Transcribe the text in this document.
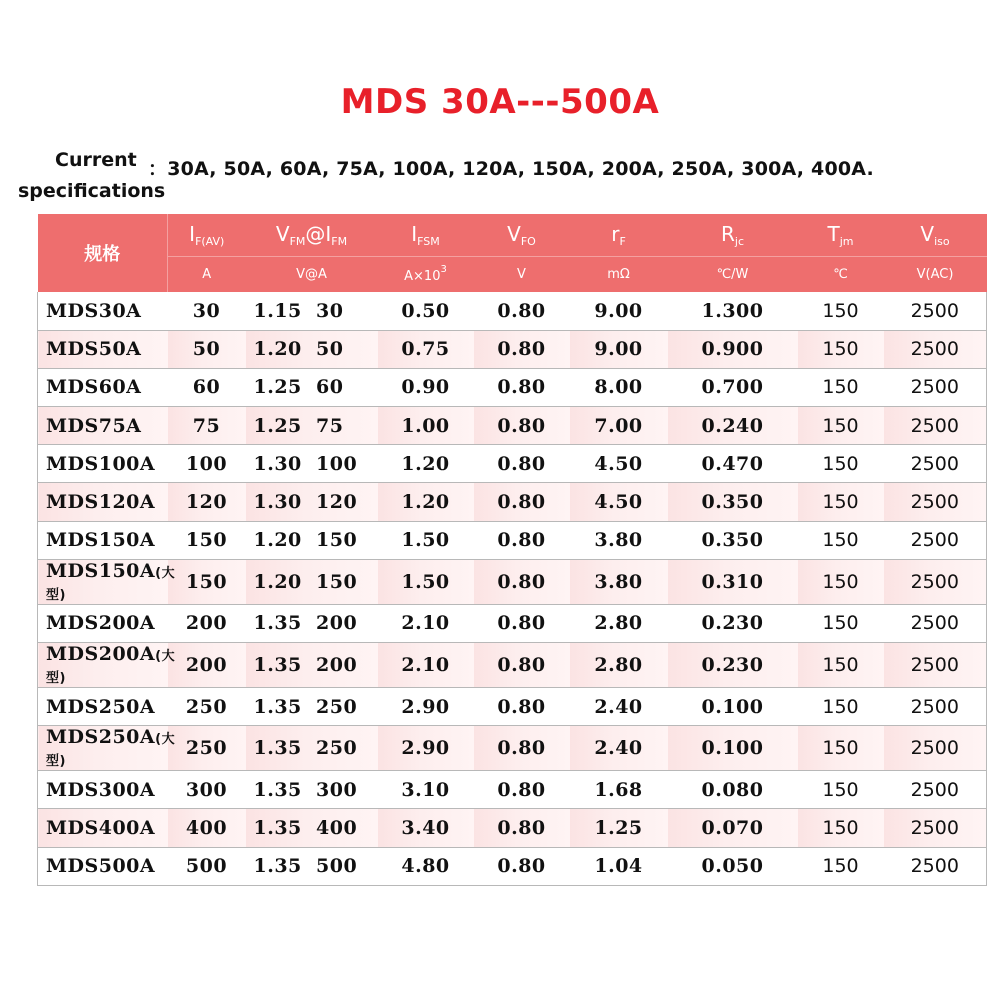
MDS 30A---500A
Current
specifications
：30A, 50A, 60A, 75A, 100A, 120A, 150A, 200A, 250A, 300A, 400A.
规格	$I_{F(AV)}$	$V_{FM}@I_{FM}$	$I_{FSM}$	$V_{FO}$	$r_F$	$R_{jc}$	$T_{jm}$	$V_{iso}$
	A	V@A	$A\times 10^3$	V	mΩ	℃/W	℃	V(AC)
MDS30A	30	1.15  30	0.50	0.80	9.00	1.300	150	2500
MDS50A	50	1.20  50	0.75	0.80	9.00	0.900	150	2500
MDS60A	60	1.25  60	0.90	0.80	8.00	0.700	150	2500
MDS75A	75	1.25  75	1.00	0.80	7.00	0.240	150	2500
MDS100A	100	1.30  100	1.20	0.80	4.50	0.470	150	2500
MDS120A	120	1.30  120	1.20	0.80	4.50	0.350	150	2500
MDS150A	150	1.20  150	1.50	0.80	3.80	0.350	150	2500
MDS150A(大型)	150	1.20  150	1.50	0.80	3.80	0.310	150	2500
MDS200A	200	1.35  200	2.10	0.80	2.80	0.230	150	2500
MDS200A(大型)	200	1.35  200	2.10	0.80	2.80	0.230	150	2500
MDS250A	250	1.35  250	2.90	0.80	2.40	0.100	150	2500
MDS250A(大型)	250	1.35  250	2.90	0.80	2.40	0.100	150	2500
MDS300A	300	1.35  300	3.10	0.80	1.68	0.080	150	2500
MDS400A	400	1.35  400	3.40	0.80	1.25	0.070	150	2500
MDS500A	500	1.35  500	4.80	0.80	1.04	0.050	150	2500
